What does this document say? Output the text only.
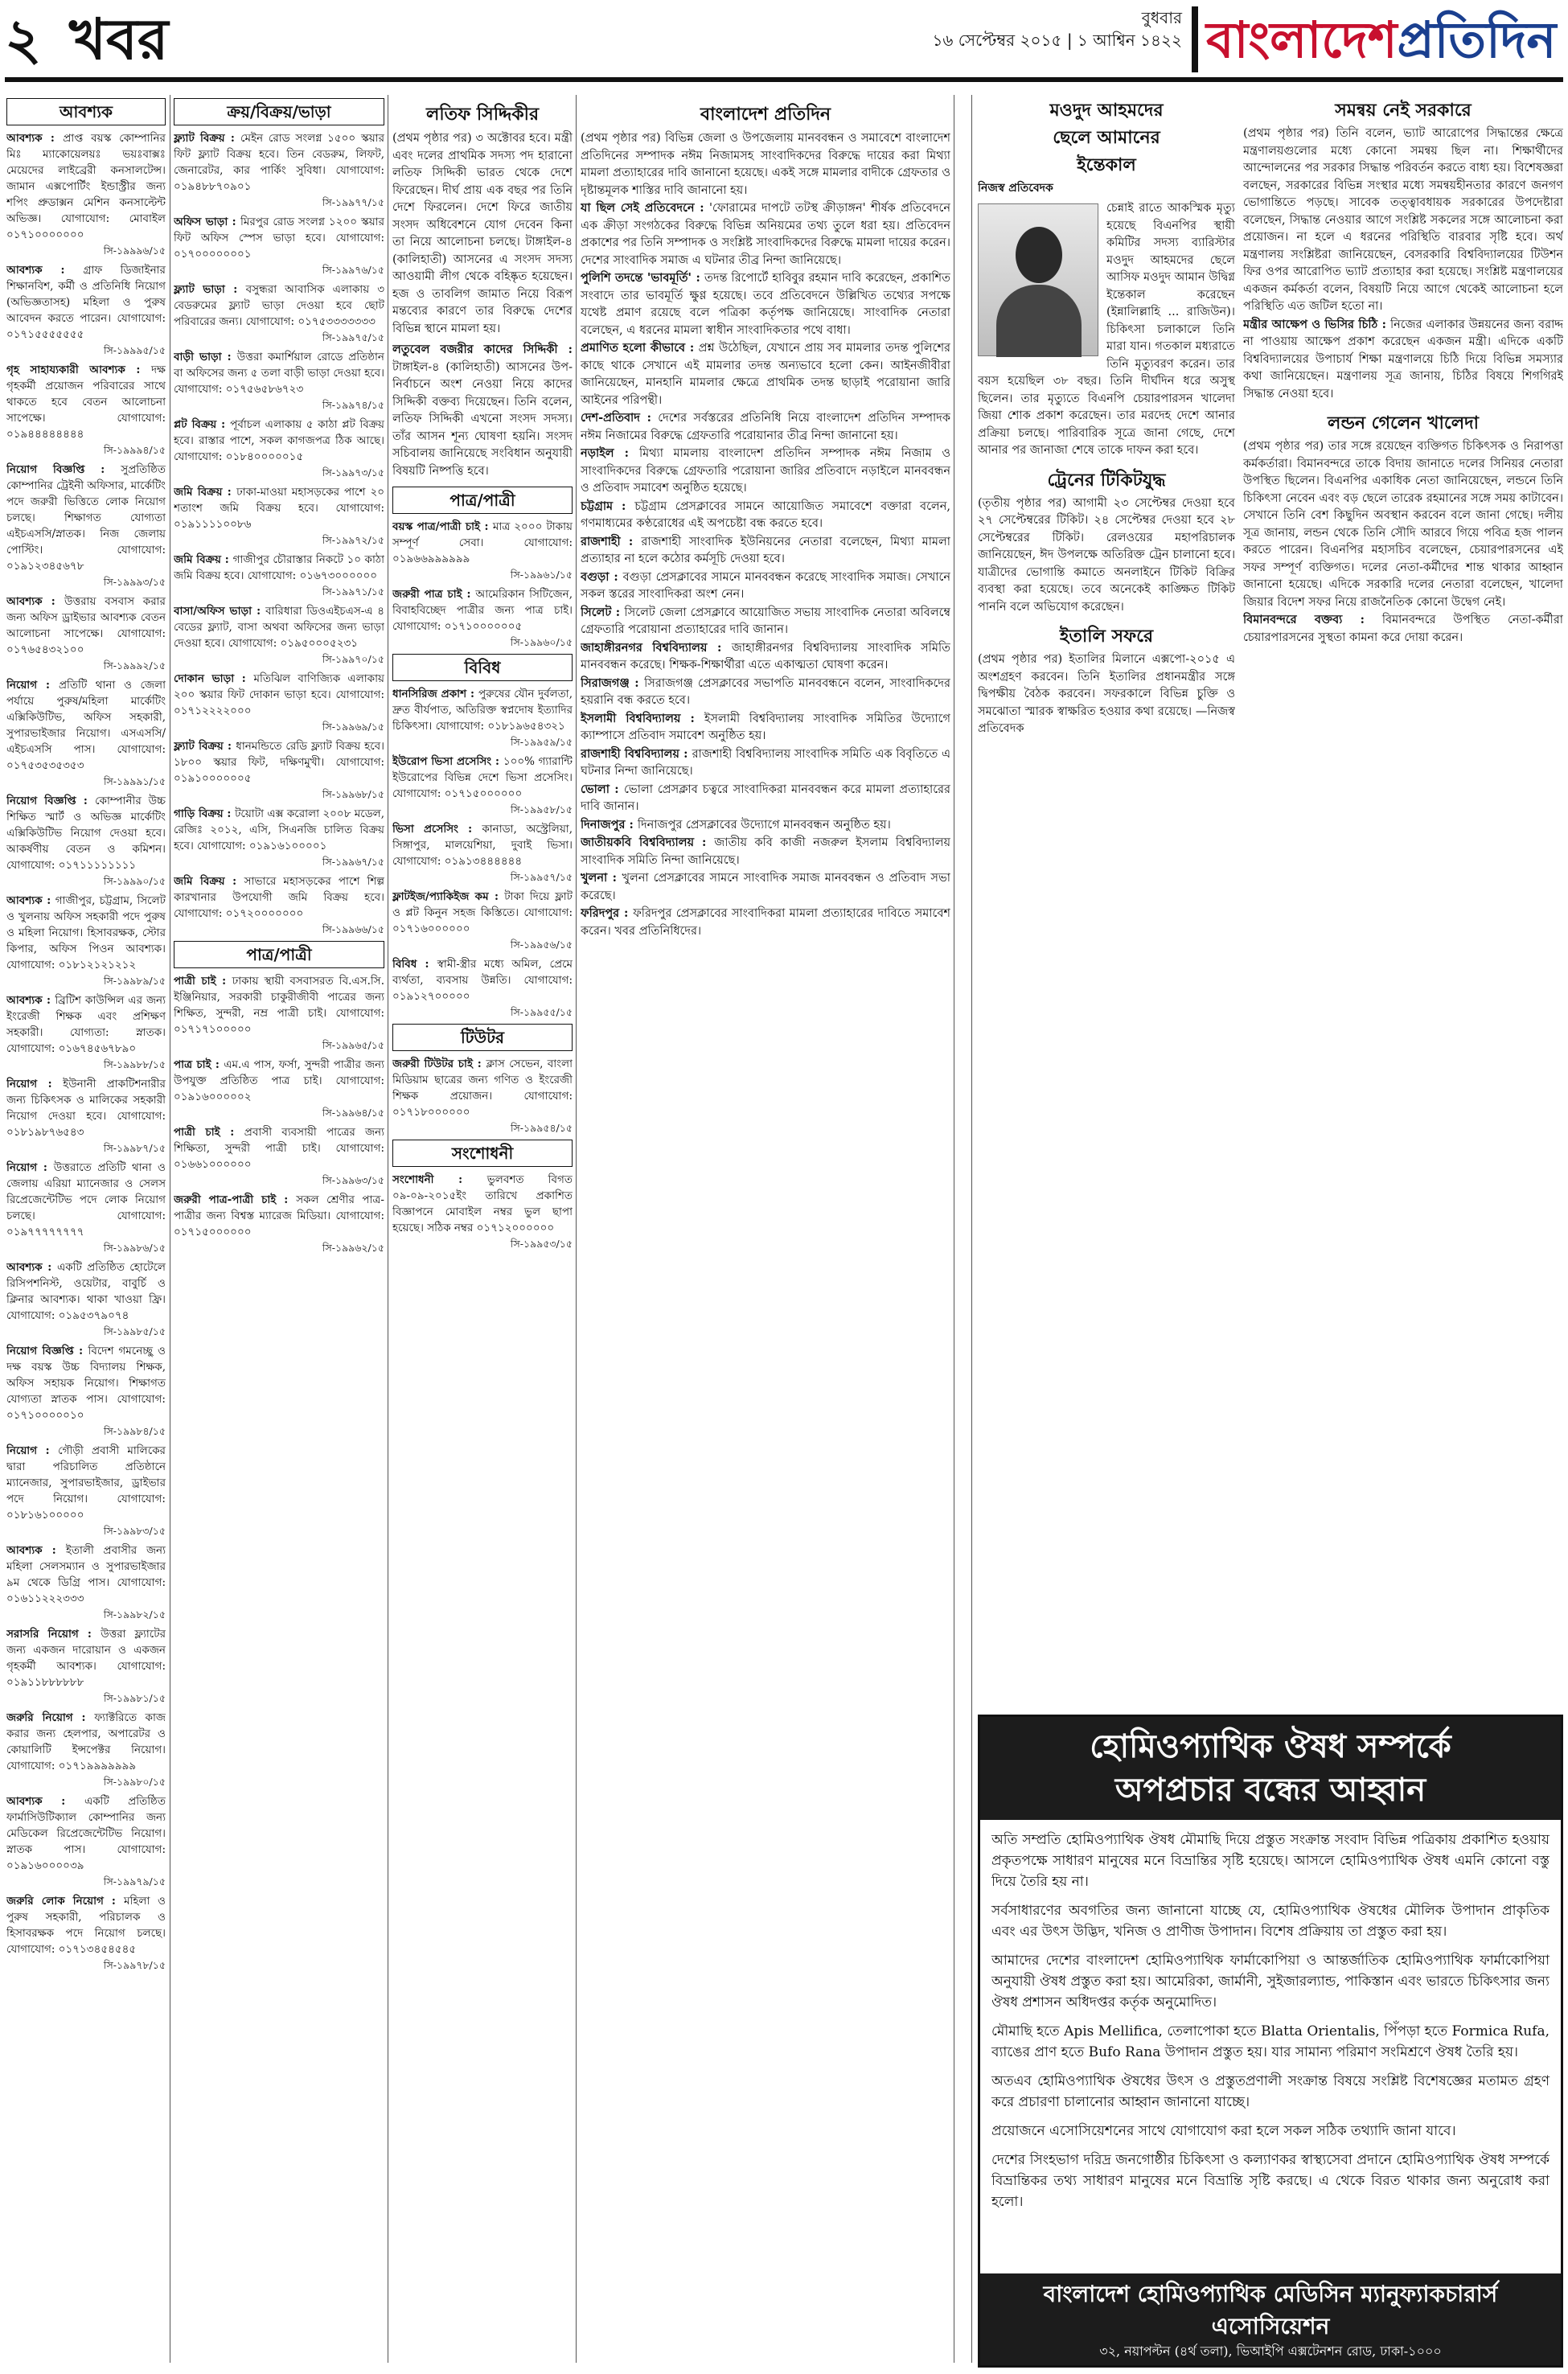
২ খবর	বুধবার
১৬ সেপ্টেম্বর ২০১৫ | ১ আশ্বিন ১৪২২ বাংলাদেশপ্রতিদিন
আবশ্যক

আবশ্যক : প্রাপ্ত বয়স্ক কোম্পানির মিঃ ম্যাকোয়েলয়ঃ ভয়ঃবাক্সঃ মেয়েদের লাইব্রেরী কনসালটেন্স। জামান এক্সপোর্টিং ইন্ডাস্ট্রীর জন্য শপিং প্রুডাক্সন মেশিন কনসাল্টেন্ট অভিজ্ঞ। যোগাযোগ: মোবাইল ০১৭১০০০০০০০
সি-১৯৯৯৬/১৫

আবশ্যক : গ্রাফ ডিজাইনার শিক্ষানবিশ, কর্মী ও প্রতিনিধি নিয়োগ (অভিজ্ঞতাসহ) মহিলা ও পুরুষ আবেদন করতে পারেন। যোগাযোগ: ০১৭১৫৫৫৫৫৫৫
সি-১৯৯৯৫/১৫

গৃহ সাহায্যকারী আবশ্যক : দক্ষ গৃহকর্মী প্রয়োজন পরিবারের সাথে থাকতে হবে বেতন আলোচনা সাপেক্ষে। যোগাযোগ: ০১৯৪৪৪৪৪৪৪৪
সি-১৯৯৯৪/১৫

নিয়োগ বিজ্ঞপ্তি : সুপ্রতিষ্ঠিত কোম্পানির ট্রেইনী অফিসার, মার্কেটিং পদে জরুরী ভিত্তিতে লোক নিয়োগ চলছে। শিক্ষাগত যোগ্যতা এইচএসসি/স্নাতক। নিজ জেলায় পোস্টিং। যোগাযোগ: ০১৯১২৩৪৫৬৭৮
সি-১৯৯৯৩/১৫

আবশ্যক : উত্তরায় বসবাস করার জন্য অফিস ড্রাইভার আবশ্যক বেতন আলোচনা সাপেক্ষে। যোগাযোগ: ০১৭৬৫৪৩২১০০
সি-১৯৯৯২/১৫

নিয়োগ : প্রতিটি থানা ও জেলা পর্যায়ে পুরুষ/মহিলা মার্কেটিং এক্সিকিউটিভ, অফিস সহকারী, সুপারভাইজার নিয়োগ। এসএসসি/এইচএসসি পাস। যোগাযোগ: ০১৭৫৩৫৩৫৩৫৩
সি-১৯৯৯১/১৫

নিয়োগ বিজ্ঞপ্তি : কোম্পানীর উচ্চ শিক্ষিত স্মার্ট ও অভিজ্ঞ মার্কেটিং এক্সিকিউটিভ নিয়োগ দেওয়া হবে। আকর্ষণীয় বেতন ও কমিশন। যোগাযোগ: ০১৭১১১১১১১১
সি-১৯৯৯০/১৫

আবশ্যক : গাজীপুর, চট্টগ্রাম, সিলেট ও খুলনায় অফিস সহকারী পদে পুরুষ ও মহিলা নিয়োগ। হিসাবরক্ষক, স্টোর কিপার, অফিস পিওন আবশ্যক। যোগাযোগ: ০১৮১২১২১২১২
সি-১৯৯৮৯/১৫

আবশ্যক : ব্রিটিশ কাউন্সিল এর জন্য ইংরেজী শিক্ষক এবং প্রশিক্ষণ সহকারী। যোগ্যতা: স্নাতক। যোগাযোগ: ০১৬৭৪৫৬৭৮৯০
সি-১৯৯৮৮/১৫

নিয়োগ : ইউনানী প্রাকটিশনারীর জন্য চিকিৎসক ও মালিকের সহকারী নিয়োগ দেওয়া হবে। যোগাযোগ: ০১৮১৯৮৭৬৫৪৩
সি-১৯৯৮৭/১৫

নিয়োগ : উত্তরাতে প্রতিটি থানা ও জেলায় এরিয়া ম্যানেজার ও সেলস রিপ্রেজেন্টেটিভ পদে লোক নিয়োগ চলছে। যোগাযোগ: ০১৯৭৭৭৭৭৭৭৭
সি-১৯৯৮৬/১৫

আবশ্যক : একটি প্রতিষ্ঠিত হোটেলে রিসিপশনিস্ট, ওয়েটার, বাবুর্চি ও ক্লিনার আবশ্যক। থাকা খাওয়া ফ্রি। যোগাযোগ: ০১৯৫৩৭৯০৭৪
সি-১৯৯৮৫/১৫

নিয়োগ বিজ্ঞপ্তি : বিদেশ গমনেচ্ছু ও দক্ষ বয়স্ক উচ্চ বিদ্যালয় শিক্ষক, অফিস সহায়ক নিয়োগ। শিক্ষাগত যোগ্যতা স্নাতক পাস। যোগাযোগ: ০১৭১০০০০০১০
সি-১৯৯৮৪/১৫

নিয়োগ : গৌড়ী প্রবাসী মালিকের দ্বারা পরিচালিত প্রতিষ্ঠানে ম্যানেজার, সুপারভাইজার, ড্রাইভার পদে নিয়োগ। যোগাযোগ: ০১৮১৬১০০০০০
সি-১৯৯৮৩/১৫

আবশ্যক : ইতালী প্রবাসীর জন্য মহিলা সেলসম্যান ও সুপারভাইজার ৯ম থেকে ডিগ্রি পাস। যোগাযোগ: ০১৬১১২২২৩৩৩
সি-১৯৯৮২/১৫

সরাসরি নিয়োগ : উত্তরা ফ্ল্যাটের জন্য একজন দারোয়ান ও একজন গৃহকর্মী আবশ্যক। যোগাযোগ: ০১৯১১৮৮৮৮৮৮
সি-১৯৯৮১/১৫

জরুরি নিয়োগ : ফ্যাক্টরিতে কাজ করার জন্য হেলপার, অপারেটর ও কোয়ালিটি ইন্সপেক্টর নিয়োগ। যোগাযোগ: ০১৭১৯৯৯৯৯৯৯
সি-১৯৯৮০/১৫

আবশ্যক : একটি প্রতিষ্ঠিত ফার্মাসিউটিক্যাল কোম্পানির জন্য মেডিকেল রিপ্রেজেন্টেটিভ নিয়োগ। স্নাতক পাস। যোগাযোগ: ০১৯১৬০০০০৩৯
সি-১৯৯৭৯/১৫

জরুরি লোক নিয়োগ : মহিলা ও পুরুষ সহকারী, পরিচালক ও হিসাবরক্ষক পদে নিয়োগ চলছে। যোগাযোগ: ০১৭১৩৪৫৪৫৪৫
সি-১৯৯৭৮/১৫

ক্রয়/বিক্রয়/ভাড়া

ফ্ল্যাট বিক্রয় : মেইন রোড সংলগ্ন ১৫০০ স্কয়ার ফিট ফ্ল্যাট বিক্রয় হবে। তিন বেডরুম, লিফট, জেনারেটর, কার পার্কিং সুবিধা। যোগাযোগ: ০১৯৪৮৮৭০৯০১
সি-১৯৯৭৭/১৫

অফিস ভাড়া : মিরপুর রোড সংলগ্ন ১২০০ স্কয়ার ফিট অফিস স্পেস ভাড়া হবে। যোগাযোগ: ০১৭০০০০০০০১
সি-১৯৯৭৬/১৫

ফ্ল্যাট ভাড়া : বসুন্ধরা আবাসিক এলাকায় ৩ বেডরুমের ফ্ল্যাট ভাড়া দেওয়া হবে ছোট পরিবারের জন্য। যোগাযোগ: ০১৭৫৩৩৩৩৩৩৩
সি-১৯৯৭৫/১৫

বাড়ী ভাড়া : উত্তরা কমার্শিয়াল রোডে প্রতিষ্ঠান বা অফিসের জন্য ৫ তলা বাড়ী ভাড়া দেওয়া হবে। যোগাযোগ: ০১৭৫৬৫৮৬৭২৩
সি-১৯৯৭৪/১৫

প্লট বিক্রয় : পূর্বাচল এলাকায় ৫ কাঠা প্লট বিক্রয় হবে। রাস্তার পাশে, সকল কাগজপত্র ঠিক আছে। যোগাযোগ: ০১৮৪০০০০০১৫
সি-১৯৯৭৩/১৫

জমি বিক্রয় : ঢাকা-মাওয়া মহাসড়কের পাশে ২০ শতাংশ জমি বিক্রয় হবে। যোগাযোগ: ০১৯১১১১০০৮৬
সি-১৯৯৭২/১৫

জমি বিক্রয় : গাজীপুর চৌরাস্তার নিকটে ১০ কাঠা জমি বিক্রয় হবে। যোগাযোগ: ০১৬৭৩০০০০০০
সি-১৯৯৭১/১৫

বাসা/অফিস ভাড়া : বারিধারা ডিওএইচএস-এ ৪ বেডের ফ্ল্যাট, বাসা অথবা অফিসের জন্য ভাড়া দেওয়া হবে। যোগাযোগ: ০১৯৫০০০৫২৩১
সি-১৯৯৭০/১৫

দোকান ভাড়া : মতিঝিল বাণিজ্যিক এলাকায় ২০০ স্কয়ার ফিট দোকান ভাড়া হবে। যোগাযোগ: ০১৭১২২২২০০০
সি-১৯৯৬৯/১৫

ফ্ল্যাট বিক্রয় : ধানমন্ডিতে রেডি ফ্ল্যাট বিক্রয় হবে। ১৮০০ স্কয়ার ফিট, দক্ষিণমুখী। যোগাযোগ: ০১৯১০০০০০০৫
সি-১৯৯৬৮/১৫

গাড়ি বিক্রয় : টয়োটা এক্স করোলা ২০০৮ মডেল, রেজিঃ ২০১২, এসি, সিএনজি চালিত বিক্রয় হবে। যোগাযোগ: ০১৯১৬১০০০০১
সি-১৯৯৬৭/১৫

জমি বিক্রয় : সাভারে মহাসড়কের পাশে শিল্প কারখানার উপযোগী জমি বিক্রয় হবে। যোগাযোগ: ০১৭২০০০০০০০
সি-১৯৯৬৬/১৫

পাত্র/পাত্রী

পাত্রী চাই : ঢাকায় স্থায়ী বসবাসরত বি.এস.সি. ইঞ্জিনিয়ার, সরকারী চাকুরীজীবী পাত্রের জন্য শিক্ষিত, সুন্দরী, নম্র পাত্রী চাই। যোগাযোগ: ০১৭১৭১০০০০০
সি-১৯৯৬৫/১৫

পাত্র চাই : এম.এ পাস, ফর্সা, সুন্দরী পাত্রীর জন্য উপযুক্ত প্রতিষ্ঠিত পাত্র চাই। যোগাযোগ: ০১৯১৬০০০০০২
সি-১৯৯৬৪/১৫

পাত্রী চাই : প্রবাসী ব্যবসায়ী পাত্রের জন্য শিক্ষিতা, সুন্দরী পাত্রী চাই। যোগাযোগ: ০১৬৬১০০০০০০
সি-১৯৯৬৩/১৫

জরুরী পাত্র-পাত্রী চাই : সকল শ্রেণীর পাত্র-পাত্রীর জন্য বিশ্বস্ত ম্যারেজ মিডিয়া। যোগাযোগ: ০১৭১৫০০০০০০
সি-১৯৯৬২/১৫

লতিফ সিদ্দিকীর
(প্রথম পৃষ্ঠার পর) ৩ অক্টোবর হবে। মন্ত্রী এবং দলের প্রাথমিক সদস্য পদ হারানো লতিফ সিদ্দিকী ভারত থেকে দেশে ফিরেছেন। দীর্ঘ প্রায় এক বছর পর তিনি দেশে ফিরলেন। দেশে ফিরে জাতীয় সংসদ অধিবেশনে যোগ দেবেন কিনা তা নিয়ে আলোচনা চলছে। টাঙ্গাইল-৪ (কালিহাতী) আসনের এ সংসদ সদস্য আওয়ামী লীগ থেকে বহিষ্কৃত হয়েছেন। হজ ও তাবলিগ জামাত নিয়ে বিরূপ মন্তব্যের কারণে তার বিরুদ্ধে দেশের বিভিন্ন স্থানে মামলা হয়।
লতুবেল বজরীর কাদের সিদ্দিকী : টাঙ্গাইল-৪ (কালিহাতী) আসনের উপ-নির্বাচনে অংশ নেওয়া নিয়ে কাদের সিদ্দিকী বক্তব্য দিয়েছেন। তিনি বলেন, লতিফ সিদ্দিকী এখনো সংসদ সদস্য। তাঁর আসন শূন্য ঘোষণা হয়নি। সংসদ সচিবালয় জানিয়েছে সংবিধান অনুযায়ী বিষয়টি নিষ্পত্তি হবে।
পাত্র/পাত্রী

বয়স্ক পাত্র/পাত্রী চাই : মাত্র ২০০০ টাকায় সম্পূর্ণ সেবা। যোগাযোগ: ০১৯৬৬৯৯৯৯৯৯
সি-১৯৯৬১/১৫

জরুরী পাত্র চাই : আমেরিকান সিটিজেন, বিবাহবিচ্ছেদ পাত্রীর জন্য পাত্র চাই। যোগাযোগ: ০১৭১০০০০০০৫
সি-১৯৯৬০/১৫

বিবিধ

ধানসিরিজ প্রকাশ : পুরুষের যৌন দুর্বলতা, দ্রুত বীর্যপাত, অতিরিক্ত স্বপ্নদোষ ইত্যাদির চিকিৎসা। যোগাযোগ: ০১৮১৯৬৫৪৩২১
সি-১৯৯৫৯/১৫

ইউরোপ ভিসা প্রসেসিং : ১০০% গ্যারান্টি ইউরোপের বিভিন্ন দেশে ভিসা প্রসেসিং। যোগাযোগ: ০১৭১৫০০০০০০
সি-১৯৯৫৮/১৫

ভিসা প্রসেসিং : কানাডা, অস্ট্রেলিয়া, সিঙ্গাপুর, মালয়েশিয়া, দুবাই ভিসা। যোগাযোগ: ০১৯১৩৪৪৪৪৪৪
সি-১৯৯৫৭/১৫

ফ্লাটইজ/প্যাকিইজ কম : টাকা দিয়ে ফ্লাট ও প্লট কিনুন সহজ কিস্তিতে। যোগাযোগ: ০১৭১৬০০০০০০
সি-১৯৯৫৬/১৫

বিবিধ : স্বামী-স্ত্রীর মধ্যে অমিল, প্রেমে ব্যর্থতা, ব্যবসায় উন্নতি। যোগাযোগ: ০১৯১২৭০০০০০
সি-১৯৯৫৫/১৫

টিউটর

জরুরী টিউটর চাই : ক্লাস সেভেন, বাংলা মিডিয়াম ছাত্রের জন্য গণিত ও ইংরেজী শিক্ষক প্রয়োজন। যোগাযোগ: ০১৭১৮০০০০০০
সি-১৯৯৫৪/১৫

সংশোধনী

সংশোধনী : ভুলবশত বিগত ০৯-০৯-২০১৫ইং তারিখে প্রকাশিত বিজ্ঞাপনে মোবাইল নম্বর ভুল ছাপা হয়েছে। সঠিক নম্বর ০১৭১২০০০০০০
সি-১৯৯৫৩/১৫

বাংলাদেশ প্রতিদিন
(প্রথম পৃষ্ঠার পর) বিভিন্ন জেলা ও উপজেলায় মানববন্ধন ও সমাবেশে বাংলাদেশ প্রতিদিনের সম্পাদক নঈম নিজামসহ সাংবাদিকদের বিরুদ্ধে দায়ের করা মিথ্যা মামলা প্রত্যাহারের দাবি জানানো হয়েছে। একই সঙ্গে মামলার বাদীকে গ্রেফতার ও দৃষ্টান্তমূলক শাস্তির দাবি জানানো হয়।
যা ছিল সেই প্রতিবেদনে : 'ফোরামের দাপটে তটস্থ ক্রীড়াঙ্গন' শীর্ষক প্রতিবেদনে এক ক্রীড়া সংগঠকের বিরুদ্ধে বিভিন্ন অনিয়মের তথ্য তুলে ধরা হয়। প্রতিবেদন প্রকাশের পর তিনি সম্পাদক ও সংশ্লিষ্ট সাংবাদিকদের বিরুদ্ধে মামলা দায়ের করেন। দেশের সাংবাদিক সমাজ এ ঘটনার তীব্র নিন্দা জানিয়েছে।
পুলিশি তদন্তে 'ভাবমূর্তি' : তদন্ত রিপোর্টে হাবিবুর রহমান দাবি করেছেন, প্রকাশিত সংবাদে তার ভাবমূর্তি ক্ষুণ্ণ হয়েছে। তবে প্রতিবেদনে উল্লিখিত তথ্যের সপক্ষে যথেষ্ট প্রমাণ রয়েছে বলে পত্রিকা কর্তৃপক্ষ জানিয়েছে। সাংবাদিক নেতারা বলেছেন, এ ধরনের মামলা স্বাধীন সাংবাদিকতার পথে বাধা।
প্রমাণিত হলো কীভাবে : প্রশ্ন উঠেছিল, যেখানে প্রায় সব মামলার তদন্ত পুলিশের কাছে থাকে সেখানে এই মামলার তদন্ত অন্যভাবে হলো কেন। আইনজীবীরা জানিয়েছেন, মানহানি মামলার ক্ষেত্রে প্রাথমিক তদন্ত ছাড়াই পরোয়ানা জারি আইনের পরিপন্থী।
দেশ-প্রতিবাদ : দেশের সর্বস্তরের প্রতিনিধি নিয়ে বাংলাদেশ প্রতিদিন সম্পাদক নঈম নিজামের বিরুদ্ধে গ্রেফতারি পরোয়ানার তীব্র নিন্দা জানানো হয়।
নড়াইল : মিথ্যা মামলায় বাংলাদেশ প্রতিদিন সম্পাদক নঈম নিজাম ও সাংবাদিকদের বিরুদ্ধে গ্রেফতারি পরোয়ানা জারির প্রতিবাদে নড়াইলে মানববন্ধন ও প্রতিবাদ সমাবেশ অনুষ্ঠিত হয়েছে।
চট্টগ্রাম : চট্টগ্রাম প্রেসক্লাবের সামনে আয়োজিত সমাবেশে বক্তারা বলেন, গণমাধ্যমের কণ্ঠরোধের এই অপচেষ্টা বন্ধ করতে হবে।
রাজশাহী : রাজশাহী সাংবাদিক ইউনিয়নের নেতারা বলেছেন, মিথ্যা মামলা প্রত্যাহার না হলে কঠোর কর্মসূচি দেওয়া হবে।
বগুড়া : বগুড়া প্রেসক্লাবের সামনে মানববন্ধন করেছে সাংবাদিক সমাজ। সেখানে সকল স্তরের সাংবাদিকরা অংশ নেন।
সিলেট : সিলেট জেলা প্রেসক্লাবে আয়োজিত সভায় সাংবাদিক নেতারা অবিলম্বে গ্রেফতারি পরোয়ানা প্রত্যাহারের দাবি জানান।
জাহাঙ্গীরনগর বিশ্ববিদ্যালয় : জাহাঙ্গীরনগর বিশ্ববিদ্যালয় সাংবাদিক সমিতি মানববন্ধন করেছে। শিক্ষক-শিক্ষার্থীরা এতে একাত্মতা ঘোষণা করেন।
সিরাজগঞ্জ : সিরাজগঞ্জ প্রেসক্লাবের সভাপতি মানববন্ধনে বলেন, সাংবাদিকদের হয়রানি বন্ধ করতে হবে।
ইসলামী বিশ্ববিদ্যালয় : ইসলামী বিশ্ববিদ্যালয় সাংবাদিক সমিতির উদ্যোগে ক্যাম্পাসে প্রতিবাদ সমাবেশ অনুষ্ঠিত হয়।
রাজশাহী বিশ্ববিদ্যালয় : রাজশাহী বিশ্ববিদ্যালয় সাংবাদিক সমিতি এক বিবৃতিতে এ ঘটনার নিন্দা জানিয়েছে।
ভোলা : ভোলা প্রেসক্লাব চত্বরে সাংবাদিকরা মানববন্ধন করে মামলা প্রত্যাহারের দাবি জানান।
দিনাজপুর : দিনাজপুর প্রেসক্লাবের উদ্যোগে মানববন্ধন অনুষ্ঠিত হয়।
জাতীয়কবি বিশ্ববিদ্যালয় : জাতীয় কবি কাজী নজরুল ইসলাম বিশ্ববিদ্যালয় সাংবাদিক সমিতি নিন্দা জানিয়েছে।
খুলনা : খুলনা প্রেসক্লাবের সামনে সাংবাদিক সমাজ মানববন্ধন ও প্রতিবাদ সভা করেছে।
ফরিদপুর : ফরিদপুর প্রেসক্লাবের সাংবাদিকরা মামলা প্রত্যাহারের দাবিতে সমাবেশ করেন। খবর প্রতিনিধিদের।
মওদুদ আহমদের
ছেলে আমানের
ইন্তেকাল
নিজস্ব প্রতিবেদক
চেন্নাই রাতে আকস্মিক মৃত্যু হয়েছে বিএনপির স্থায়ী কমিটির সদস্য ব্যারিস্টার মওদুদ আহমদের ছেলে আসিফ মওদুদ আমান উদ্বিগ্ন ইন্তেকাল করেছেন (ইন্নালিল্লাহি ... রাজিউন)। চিকিৎসা চলাকালে তিনি মারা যান। গতকাল মধ্যরাতে তিনি মৃত্যুবরণ করেন। তার বয়স হয়েছিল ৩৮ বছর। তিনি দীর্ঘদিন ধরে অসুস্থ ছিলেন। তার মৃত্যুতে বিএনপি চেয়ারপারসন খালেদা জিয়া শোক প্রকাশ করেছেন। তার মরদেহ দেশে আনার প্রক্রিয়া চলছে। পারিবারিক সূত্রে জানা গেছে, দেশে আনার পর জানাজা শেষে তাকে দাফন করা হবে।
ট্রেনের টিকিটযুদ্ধ
(তৃতীয় পৃষ্ঠার পর) আগামী ২৩ সেপ্টেম্বর দেওয়া হবে ২৭ সেপ্টেম্বরের টিকিট। ২৪ সেপ্টেম্বর দেওয়া হবে ২৮ সেপ্টেম্বরের টিকিট। রেলওয়ের মহাপরিচালক জানিয়েছেন, ঈদ উপলক্ষে অতিরিক্ত ট্রেন চালানো হবে। যাত্রীদের ভোগান্তি কমাতে অনলাইনে টিকিট বিক্রির ব্যবস্থা করা হয়েছে। তবে অনেকেই কাঙ্ক্ষিত টিকিট পাননি বলে অভিযোগ করেছেন।
ইতালি সফরে
(প্রথম পৃষ্ঠার পর) ইতালির মিলানে এক্সপো-২০১৫ এ অংশগ্রহণ করবেন। তিনি ইতালির প্রধানমন্ত্রীর সঙ্গে দ্বিপক্ষীয় বৈঠক করবেন। সফরকালে বিভিন্ন চুক্তি ও সমঝোতা স্মারক স্বাক্ষরিত হওয়ার কথা রয়েছে। —নিজস্ব প্রতিবেদক
সমন্বয় নেই সরকারে
(প্রথম পৃষ্ঠার পর) তিনি বলেন, ভ্যাট আরোপের সিদ্ধান্তের ক্ষেত্রে মন্ত্রণালয়গুলোর মধ্যে কোনো সমন্বয় ছিল না। শিক্ষার্থীদের আন্দোলনের পর সরকার সিদ্ধান্ত পরিবর্তন করতে বাধ্য হয়। বিশেষজ্ঞরা বলছেন, সরকারের বিভিন্ন সংস্থার মধ্যে সমন্বয়হীনতার কারণে জনগণ ভোগান্তিতে পড়ছে। সাবেক তত্ত্বাবধায়ক সরকারের উপদেষ্টারা বলেছেন, সিদ্ধান্ত নেওয়ার আগে সংশ্লিষ্ট সকলের সঙ্গে আলোচনা করা প্রয়োজন। না হলে এ ধরনের পরিস্থিতি বারবার সৃষ্টি হবে। অর্থ মন্ত্রণালয় সংশ্লিষ্টরা জানিয়েছেন, বেসরকারি বিশ্ববিদ্যালয়ের টিউশন ফির ওপর আরোপিত ভ্যাট প্রত্যাহার করা হয়েছে। সংশ্লিষ্ট মন্ত্রণালয়ের একজন কর্মকর্তা বলেন, বিষয়টি নিয়ে আগে থেকেই আলোচনা হলে পরিস্থিতি এত জটিল হতো না।
মন্ত্রীর আক্ষেপ ও ভিসির চিঠি : নিজের এলাকার উন্নয়নের জন্য বরাদ্দ না পাওয়ায় আক্ষেপ প্রকাশ করেছেন একজন মন্ত্রী। এদিকে একটি বিশ্ববিদ্যালয়ের উপাচার্য শিক্ষা মন্ত্রণালয়ে চিঠি দিয়ে বিভিন্ন সমস্যার কথা জানিয়েছেন। মন্ত্রণালয় সূত্র জানায়, চিঠির বিষয়ে শিগগিরই সিদ্ধান্ত নেওয়া হবে।
লন্ডন গেলেন খালেদা
(প্রথম পৃষ্ঠার পর) তার সঙ্গে রয়েছেন ব্যক্তিগত চিকিৎসক ও নিরাপত্তা কর্মকর্তারা। বিমানবন্দরে তাকে বিদায় জানাতে দলের সিনিয়র নেতারা উপস্থিত ছিলেন। বিএনপির একাধিক নেতা জানিয়েছেন, লন্ডনে তিনি চিকিৎসা নেবেন এবং বড় ছেলে তারেক রহমানের সঙ্গে সময় কাটাবেন। সেখানে তিনি বেশ কিছুদিন অবস্থান করবেন বলে জানা গেছে। দলীয় সূত্র জানায়, লন্ডন থেকে তিনি সৌদি আরবে গিয়ে পবিত্র হজ পালন করতে পারেন। বিএনপির মহাসচিব বলেছেন, চেয়ারপারসনের এই সফর সম্পূর্ণ ব্যক্তিগত। দলের নেতা-কর্মীদের শান্ত থাকার আহ্বান জানানো হয়েছে। এদিকে সরকারি দলের নেতারা বলেছেন, খালেদা জিয়ার বিদেশ সফর নিয়ে রাজনৈতিক কোনো উদ্বেগ নেই।
বিমানবন্দরে বক্তব্য : বিমানবন্দরে উপস্থিত নেতা-কর্মীরা চেয়ারপারসনের সুস্থতা কামনা করে দোয়া করেন।
হোমিওপ্যাথিক ঔষধ সম্পর্কে
অপপ্রচার বন্ধের আহ্বান

অতি সম্প্রতি হোমিওপ্যাথিক ঔষধ মৌমাছি দিয়ে প্রস্তুত সংক্রান্ত সংবাদ বিভিন্ন পত্রিকায় প্রকাশিত হওয়ায় প্রকৃতপক্ষে সাধারণ মানুষের মনে বিভ্রান্তির সৃষ্টি হয়েছে। আসলে হোমিওপ্যাথিক ঔষধ এমনি কোনো বস্তু দিয়ে তৈরি হয় না।

সর্বসাধারণের অবগতির জন্য জানানো যাচ্ছে যে, হোমিওপ্যাথিক ঔষধের মৌলিক উপাদান প্রাকৃতিক এবং এর উৎস উদ্ভিদ, খনিজ ও প্রাণীজ উপাদান। বিশেষ প্রক্রিয়ায় তা প্রস্তুত করা হয়।

আমাদের দেশের বাংলাদেশ হোমিওপ্যাথিক ফার্মাকোপিয়া ও আন্তর্জাতিক হোমিওপ্যাথিক ফার্মাকোপিয়া অনুযায়ী ঔষধ প্রস্তুত করা হয়। আমেরিকা, জার্মানী, সুইজারল্যান্ড, পাকিস্তান এবং ভারতে চিকিৎসার জন্য ঔষধ প্রশাসন অধিদপ্তর কর্তৃক অনুমোদিত।

মৌমাছি হতে Apis Mellifica, তেলাপোকা হতে Blatta Orientalis, পিঁপড়া হতে Formica Rufa, ব্যাঙের প্রাণ হতে Bufo Rana উপাদান প্রস্তুত হয়। যার সামান্য পরিমাণ সংমিশ্রণে ঔষধ তৈরি হয়।

অতএব হোমিওপ্যাথিক ঔষধের উৎস ও প্রস্তুতপ্রণালী সংক্রান্ত বিষয়ে সংশ্লিষ্ট বিশেষজ্ঞের মতামত গ্রহণ করে প্রচারণা চালানোর আহ্বান জানানো যাচ্ছে।

প্রয়োজনে এসোসিয়েশনের সাথে যোগাযোগ করা হলে সকল সঠিক তথ্যাদি জানা যাবে।

দেশের সিংহভাগ দরিদ্র জনগোষ্ঠীর চিকিৎসা ও কল্যাণকর স্বাস্থ্যসেবা প্রদানে হোমিওপ্যাথিক ঔষধ সম্পর্কে বিভ্রান্তিকর তথ্য সাধারণ মানুষের মনে বিভ্রান্তি সৃষ্টি করছে। এ থেকে বিরত থাকার জন্য অনুরোধ করা হলো।

বাংলাদেশ হোমিওপ্যাথিক মেডিসিন ম্যানুফ্যাকচারার্স এসোসিয়েশন
৩২, নয়াপল্টন (৪র্থ তলা), ভিআইপি এক্সটেনশন রোড, ঢাকা-১০০০
